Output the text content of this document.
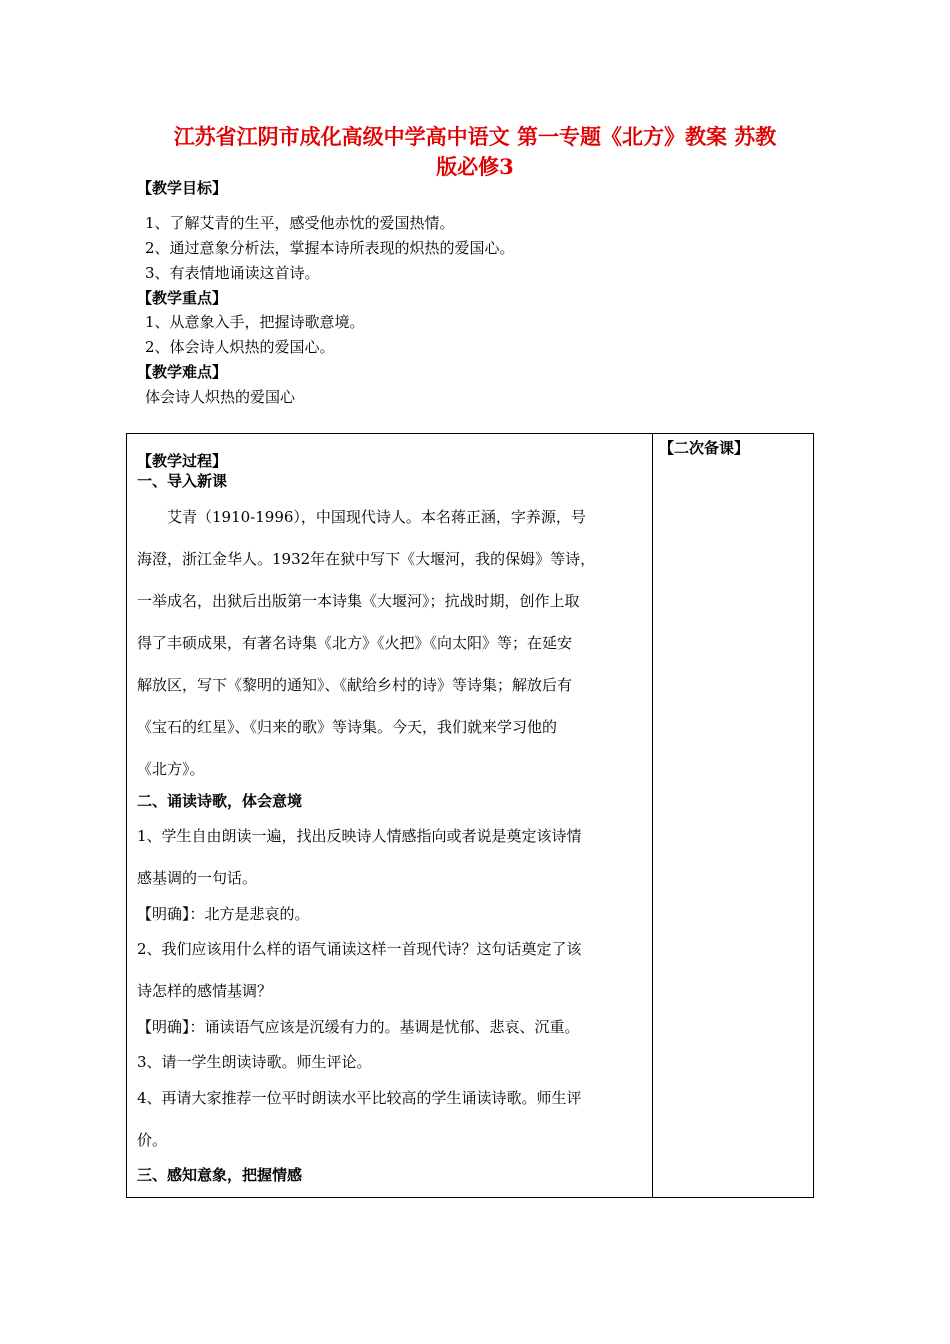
江苏省江阴市成化高级中学高中语文 第一专题《北方》教案 苏教
版必修3
【教学目标】
1、了解艾青的生平，感受他赤忱的爱国热情。
2、通过意象分析法，掌握本诗所表现的炽热的爱国心。
3、有表情地诵读这首诗。
【教学重点】
1、从意象入手，把握诗歌意境。
2、体会诗人炽热的爱国心。
【教学难点】
体会诗人炽热的爱国心
【二次备课】
【教学过程】
一、导入新课
艾青（1910-1996），中国现代诗人。本名蒋正涵，字养源，号
海澄，浙江金华人。1932年在狱中写下《大堰河，我的保姆》等诗，
一举成名，出狱后出版第一本诗集《大堰河》；抗战时期，创作上取
得了丰硕成果，有著名诗集《北方》《火把》《向太阳》等；在延安
解放区，写下《黎明的通知》、《献给乡村的诗》等诗集；解放后有
《宝石的红星》、《归来的歌》等诗集。今天，我们就来学习他的
《北方》。
二、诵读诗歌，体会意境
1、学生自由朗读一遍，找出反映诗人情感指向或者说是奠定该诗情
感基调的一句话。
【明确】：北方是悲哀的。
2、我们应该用什么样的语气诵读这样一首现代诗？这句话奠定了该
诗怎样的感情基调？
【明确】：诵读语气应该是沉缓有力的。基调是忧郁、悲哀、沉重。
3、请一学生朗读诗歌。师生评论。
4、再请大家推荐一位平时朗读水平比较高的学生诵读诗歌。师生评
价。
三、感知意象，把握情感
